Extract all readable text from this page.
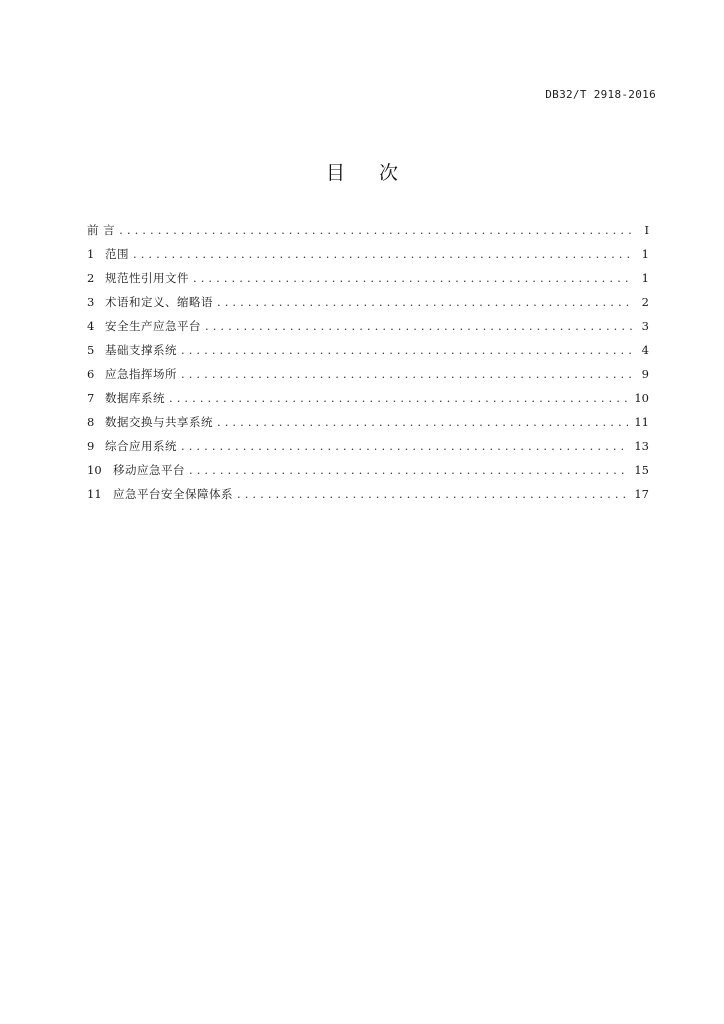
DB32/T 2918-2016
目次
前 言 . . .	I
1 范围 . . .	1
2 规范性引用文件 . . .	1
3 术语和定义、缩略语 . . .	2
4 安全生产应急平台 . . .	3
5 基础支撑系统 . . .	4
6 应急指挥场所 . . .	9
7 数据库系统 . . .	10
8 数据交换与共享系统 . . .	11
9 综合应用系统 . . .	13
10 移动应急平台 . . .	15
11 应急平台安全保障体系 . . .	17
